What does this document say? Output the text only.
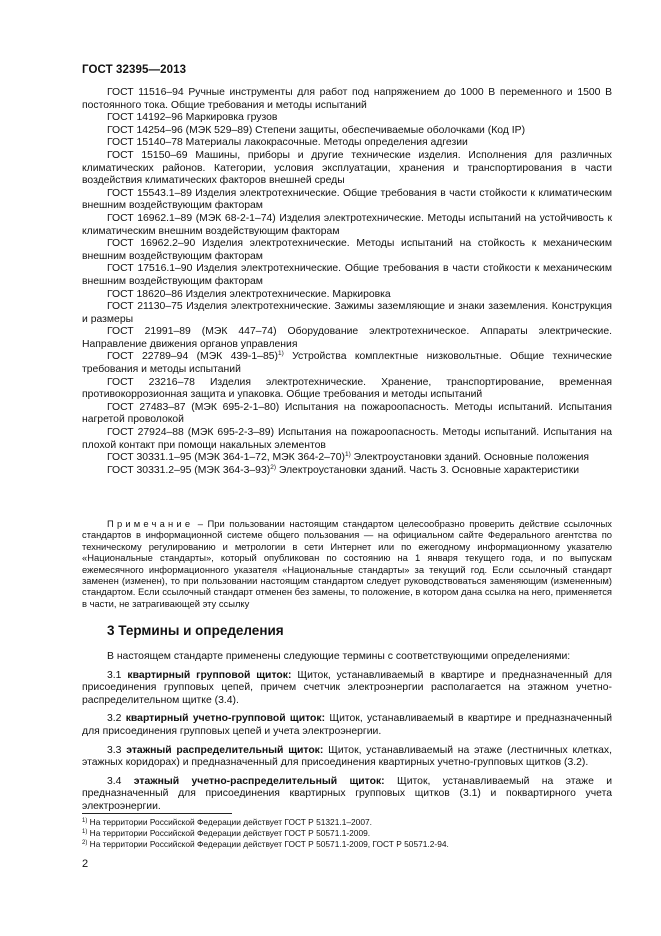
ГОСТ 32395—2013

ГОСТ 11516–94 Ручные инструменты для работ под напряжением до 1000 В переменного и 1500 В постоянного тока. Общие требования и методы испытаний

ГОСТ 14192–96 Маркировка грузов

ГОСТ 14254–96 (МЭК 529–89) Степени защиты, обеспечиваемые оболочками (Код IP)

ГОСТ 15140–78 Материалы лакокрасочные. Методы определения адгезии

ГОСТ 15150–69 Машины, приборы и другие технические изделия. Исполнения для различных климатических районов. Категории, условия эксплуатации, хранения и транспортирования в части воздействия климатических факторов внешней среды

ГОСТ 15543.1–89 Изделия электротехнические. Общие требования в части стойкости к климатическим внешним воздействующим факторам

ГОСТ 16962.1–89 (МЭК 68-2-1–74) Изделия электротехнические. Методы испытаний на устойчивость к климатическим внешним воздействующим факторам

ГОСТ 16962.2–90 Изделия электротехнические. Методы испытаний на стойкость к механическим внешним воздействующим факторам

ГОСТ 17516.1–90 Изделия электротехнические. Общие требования в части стойкости к механическим внешним воздействующим факторам

ГОСТ 18620–86 Изделия электротехнические. Маркировка

ГОСТ 21130–75 Изделия электротехнические. Зажимы заземляющие и знаки заземления. Конструкция и размеры

ГОСТ 21991–89 (МЭК 447–74) Оборудование электротехническое. Аппараты электрические. Направление движения органов управления

ГОСТ 22789–94 (МЭК 439-1–85)$^{1)}$ Устройства комплектные низковольтные. Общие технические требования и методы испытаний

ГОСТ 23216–78 Изделия электротехнические. Хранение, транспортирование, временная противокоррозионная защита и упаковка. Общие требования и методы испытаний

ГОСТ 27483–87 (МЭК 695-2-1–80) Испытания на пожароопасность. Методы испытаний. Испытания нагретой проволокой

ГОСТ 27924–88 (МЭК 695-2-3–89) Испытания на пожароопасность. Методы испытаний. Испытания на плохой контакт при помощи накальных элементов

ГОСТ 30331.1–95 (МЭК 364-1–72, МЭК 364-2–70)$^{1)}$ Электроустановки зданий. Основные положения

ГОСТ 30331.2–95 (МЭК 364-3–93)$^{2)}$ Электроустановки зданий. Часть 3. Основные характеристики

Примечание – При пользовании настоящим стандартом целесообразно проверить действие ссылочных стандартов в информационной системе общего пользования — на официальном сайте Федерального агентства по техническому регулированию и метрологии в сети Интернет или по ежегодному информационному указателю «Национальные стандарты», который опубликован по состоянию на 1 января текущего года, и по выпускам ежемесячного информационного указателя «Национальные стандарты» за текущий год. Если ссылочный стандарт заменен (изменен), то при пользовании настоящим стандартом следует руководствоваться заменяющим (измененным) стандартом. Если ссылочный стандарт отменен без замены, то положение, в котором дана ссылка на него, применяется в части, не затрагивающей эту ссылку

3 Термины и определения

В настоящем стандарте применены следующие термины с соответствующими определениями:

3.1 квартирный групповой щиток: Щиток, устанавливаемый в квартире и предназначенный для присоединения групповых цепей, причем счетчик электроэнергии располагается на этажном учетно-распределительном щитке (3.4).

3.2 квартирный учетно-групповой щиток: Щиток, устанавливаемый в квартире и предназначенный для присоединения групповых цепей и учета электроэнергии.

3.3 этажный распределительный щиток: Щиток, устанавливаемый на этаже (лестничных клетках, этажных коридорах) и предназначенный для присоединения квартирных учетно-групповых щитков (3.2).

3.4 этажный учетно-распределительный щиток: Щиток, устанавливаемый на этаже и предназначенный для присоединения квартирных групповых щитков (3.1) и поквартирного учета электроэнергии.

$^{1)}$ На территории Российской Федерации действует ГОСТ Р 51321.1–2007.

$^{1)}$ На территории Российской Федерации действует ГОСТ Р 50571.1-2009.

$^{2)}$ На территории Российской Федерации действует ГОСТ Р 50571.1-2009, ГОСТ Р 50571.2-94.

2
